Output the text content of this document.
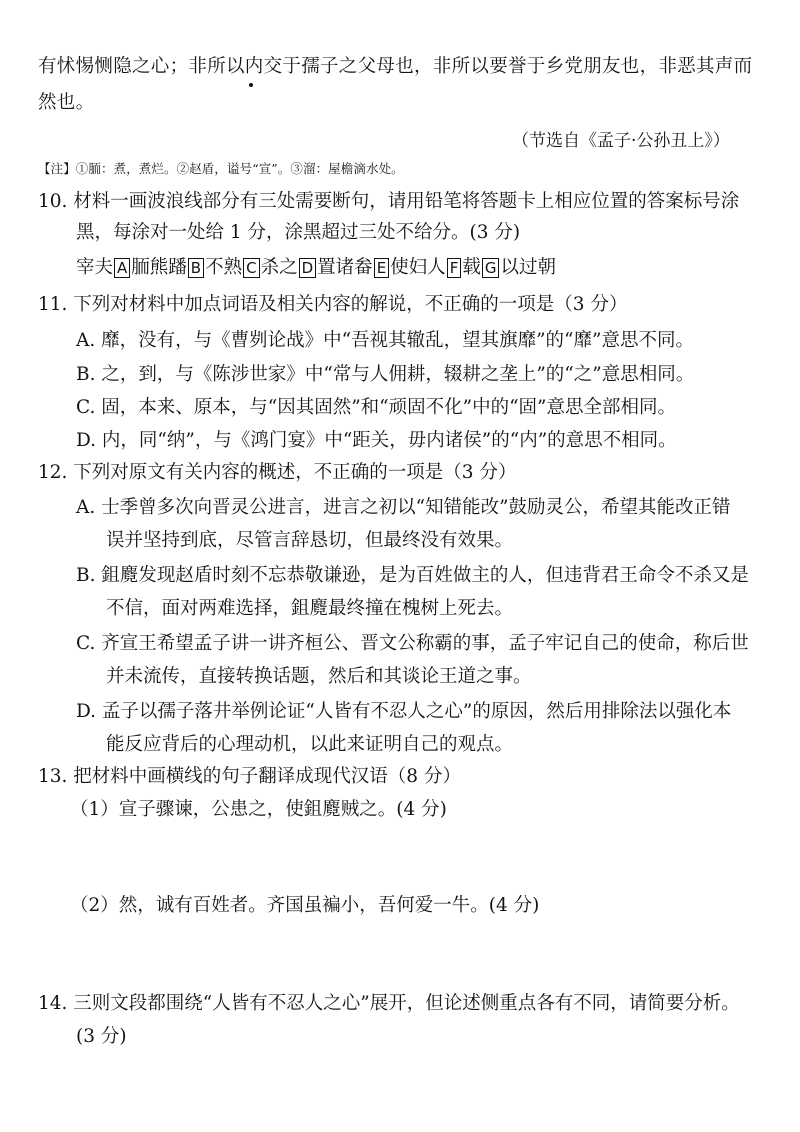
有怵惕恻隐之心；非所以内交于孺子之父母也，非所以要誉于乡党朋友也，非恶其声而
然也。
（节选自《孟子·公孙丑上》）
【注】①胹：煮，煮烂。②赵盾，谥号“宣”。③溜：屋檐滴水处。
10. 材料一画波浪线部分有三处需要断句，请用铅笔将答题卡上相应位置的答案标号涂
黑，每涂对一处给 1 分，涂黑超过三处不给分。(3 分)
宰夫 A 胹熊蹯 B 不熟 C 杀之 D 置诸畚 E 使妇人 F 载 G 以过朝
11. 下列对材料中加点词语及相关内容的解说，不正确的一项是（3 分）
A. 靡，没有，与《曹刿论战》中“吾视其辙乱，望其旗靡”的“靡”意思不同。
B. 之，到，与《陈涉世家》中“常与人佣耕，辍耕之垄上”的“之”意思相同。
C. 固，本来、原本，与“因其固然”和“顽固不化”中的“固”意思全部相同。
D. 内，同“纳”，与《鸿门宴》中“距关，毋内诸侯”的“内”的意思不相同。
12. 下列对原文有关内容的概述，不正确的一项是（3 分）
A. 士季曾多次向晋灵公进言，进言之初以“知错能改”鼓励灵公，希望其能改正错
误并坚持到底，尽管言辞恳切，但最终没有效果。
B. 鉏麑发现赵盾时刻不忘恭敬谦逊，是为百姓做主的人，但违背君王命令不杀又是
不信，面对两难选择，鉏麑最终撞在槐树上死去。
C. 齐宣王希望孟子讲一讲齐桓公、晋文公称霸的事，孟子牢记自己的使命，称后世
并未流传，直接转换话题，然后和其谈论王道之事。
D. 孟子以孺子落井举例论证“人皆有不忍人之心”的原因，然后用排除法以强化本
能反应背后的心理动机，以此来证明自己的观点。
13. 把材料中画横线的句子翻译成现代汉语（8 分）
（1）宣子骤谏，公患之，使鉏麑贼之。(4 分)
（2）然，诚有百姓者。齐国虽褊小，吾何爱一牛。(4 分)
14. 三则文段都围绕“人皆有不忍人之心”展开，但论述侧重点各有不同，请简要分析。
(3 分)
